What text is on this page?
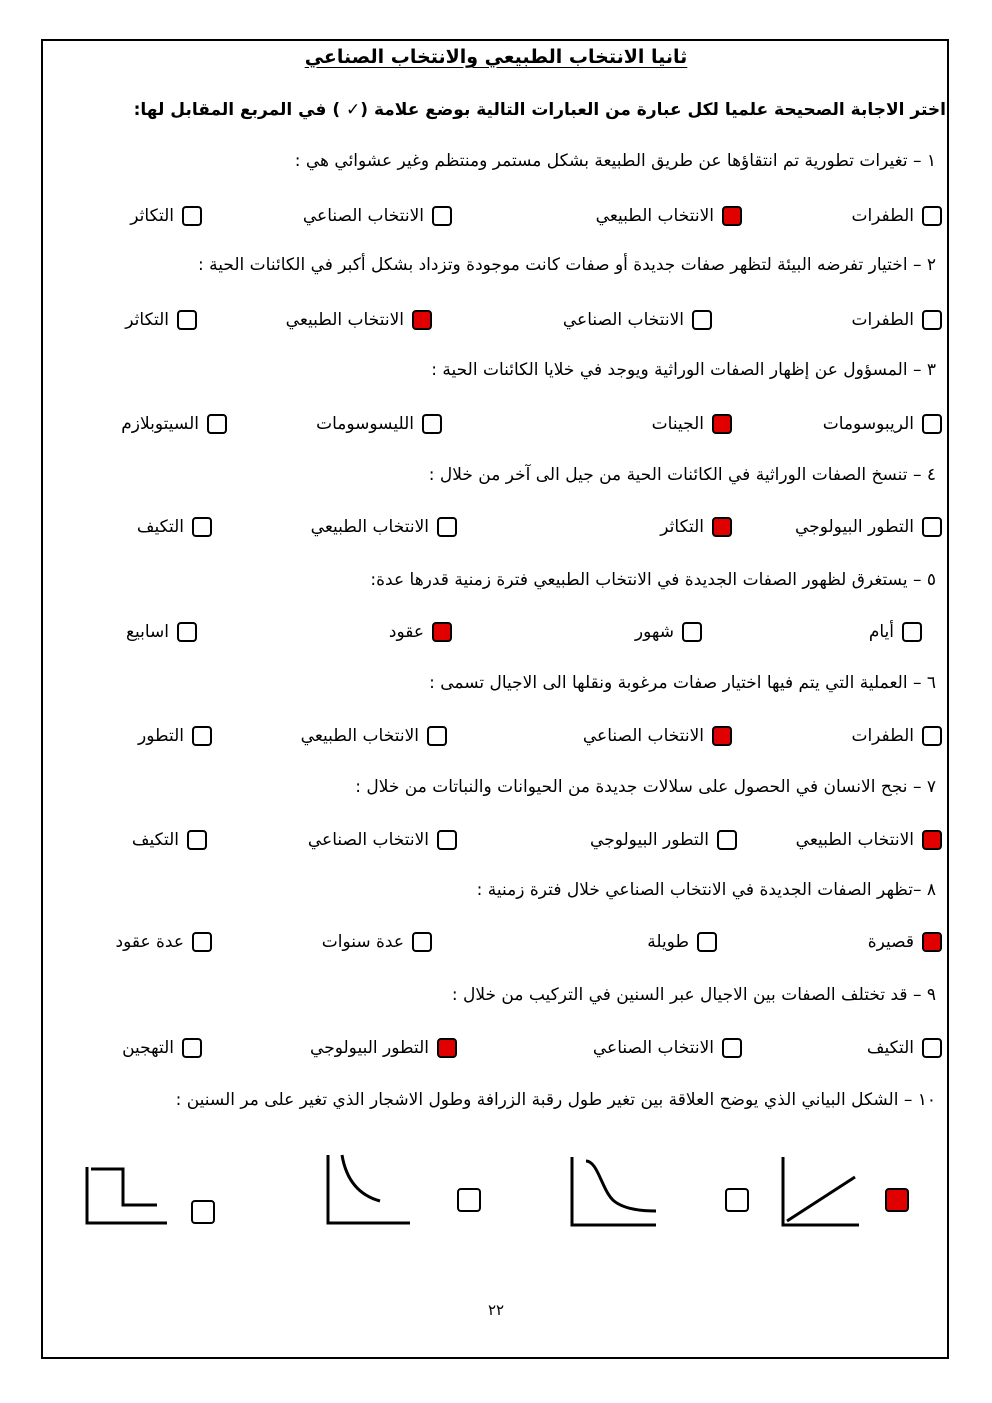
ثانيا الانتخاب الطبيعي والانتخاب الصناعي
اختر الاجابة الصحيحة علميا لكل عبارة من العبارات التالية بوضع علامة (✓ ) في المربع المقابل لها:
١ – تغيرات تطورية تم انتقاؤها عن طريق الطبيعة بشكل مستمر ومنتظم وغير عشوائي هي :
الطفرات
الانتخاب الطبيعي
الانتخاب الصناعي
التكاثر
٢ – اختيار تفرضه البيئة لتظهر صفات جديدة أو صفات كانت موجودة وتزداد بشكل أكبر في الكائنات الحية :
الطفرات
الانتخاب الصناعي
الانتخاب الطبيعي
التكاثر
٣ – المسؤول عن إظهار الصفات الوراثية ويوجد في خلايا الكائنات الحية :
الريبوسومات
الجينات
الليسوسومات
السيتوبلازم
٤ – تنسخ الصفات الوراثية في الكائنات الحية من جيل الى آخر من خلال :
التطور البيولوجي
التكاثر
الانتخاب الطبيعي
التكيف
٥ – يستغرق لظهور الصفات الجديدة في الانتخاب الطبيعي فترة زمنية قدرها عدة:
أيام
شهور
عقود
اسابيع
٦ – العملية التي يتم فيها اختيار صفات مرغوبة ونقلها الى الاجيال تسمى :
الطفرات
الانتخاب الصناعي
الانتخاب الطبيعي
التطور
٧ – نجح الانسان في الحصول على سلالات جديدة من الحيوانات والنباتات من خلال :
الانتخاب الطبيعي
التطور البيولوجي
الانتخاب الصناعي
التكيف
٨ –تظهر الصفات الجديدة في الانتخاب الصناعي خلال فترة زمنية :
قصيرة
طويلة
عدة سنوات
عدة عقود
٩ – قد تختلف الصفات بين الاجيال عبر السنين في التركيب من خلال :
التكيف
الانتخاب الصناعي
التطور البيولوجي
التهجين
١٠ – الشكل البياني الذي يوضح العلاقة بين تغير طول رقبة الزرافة وطول الاشجار الذي تغير على مر السنين :
٢٢
